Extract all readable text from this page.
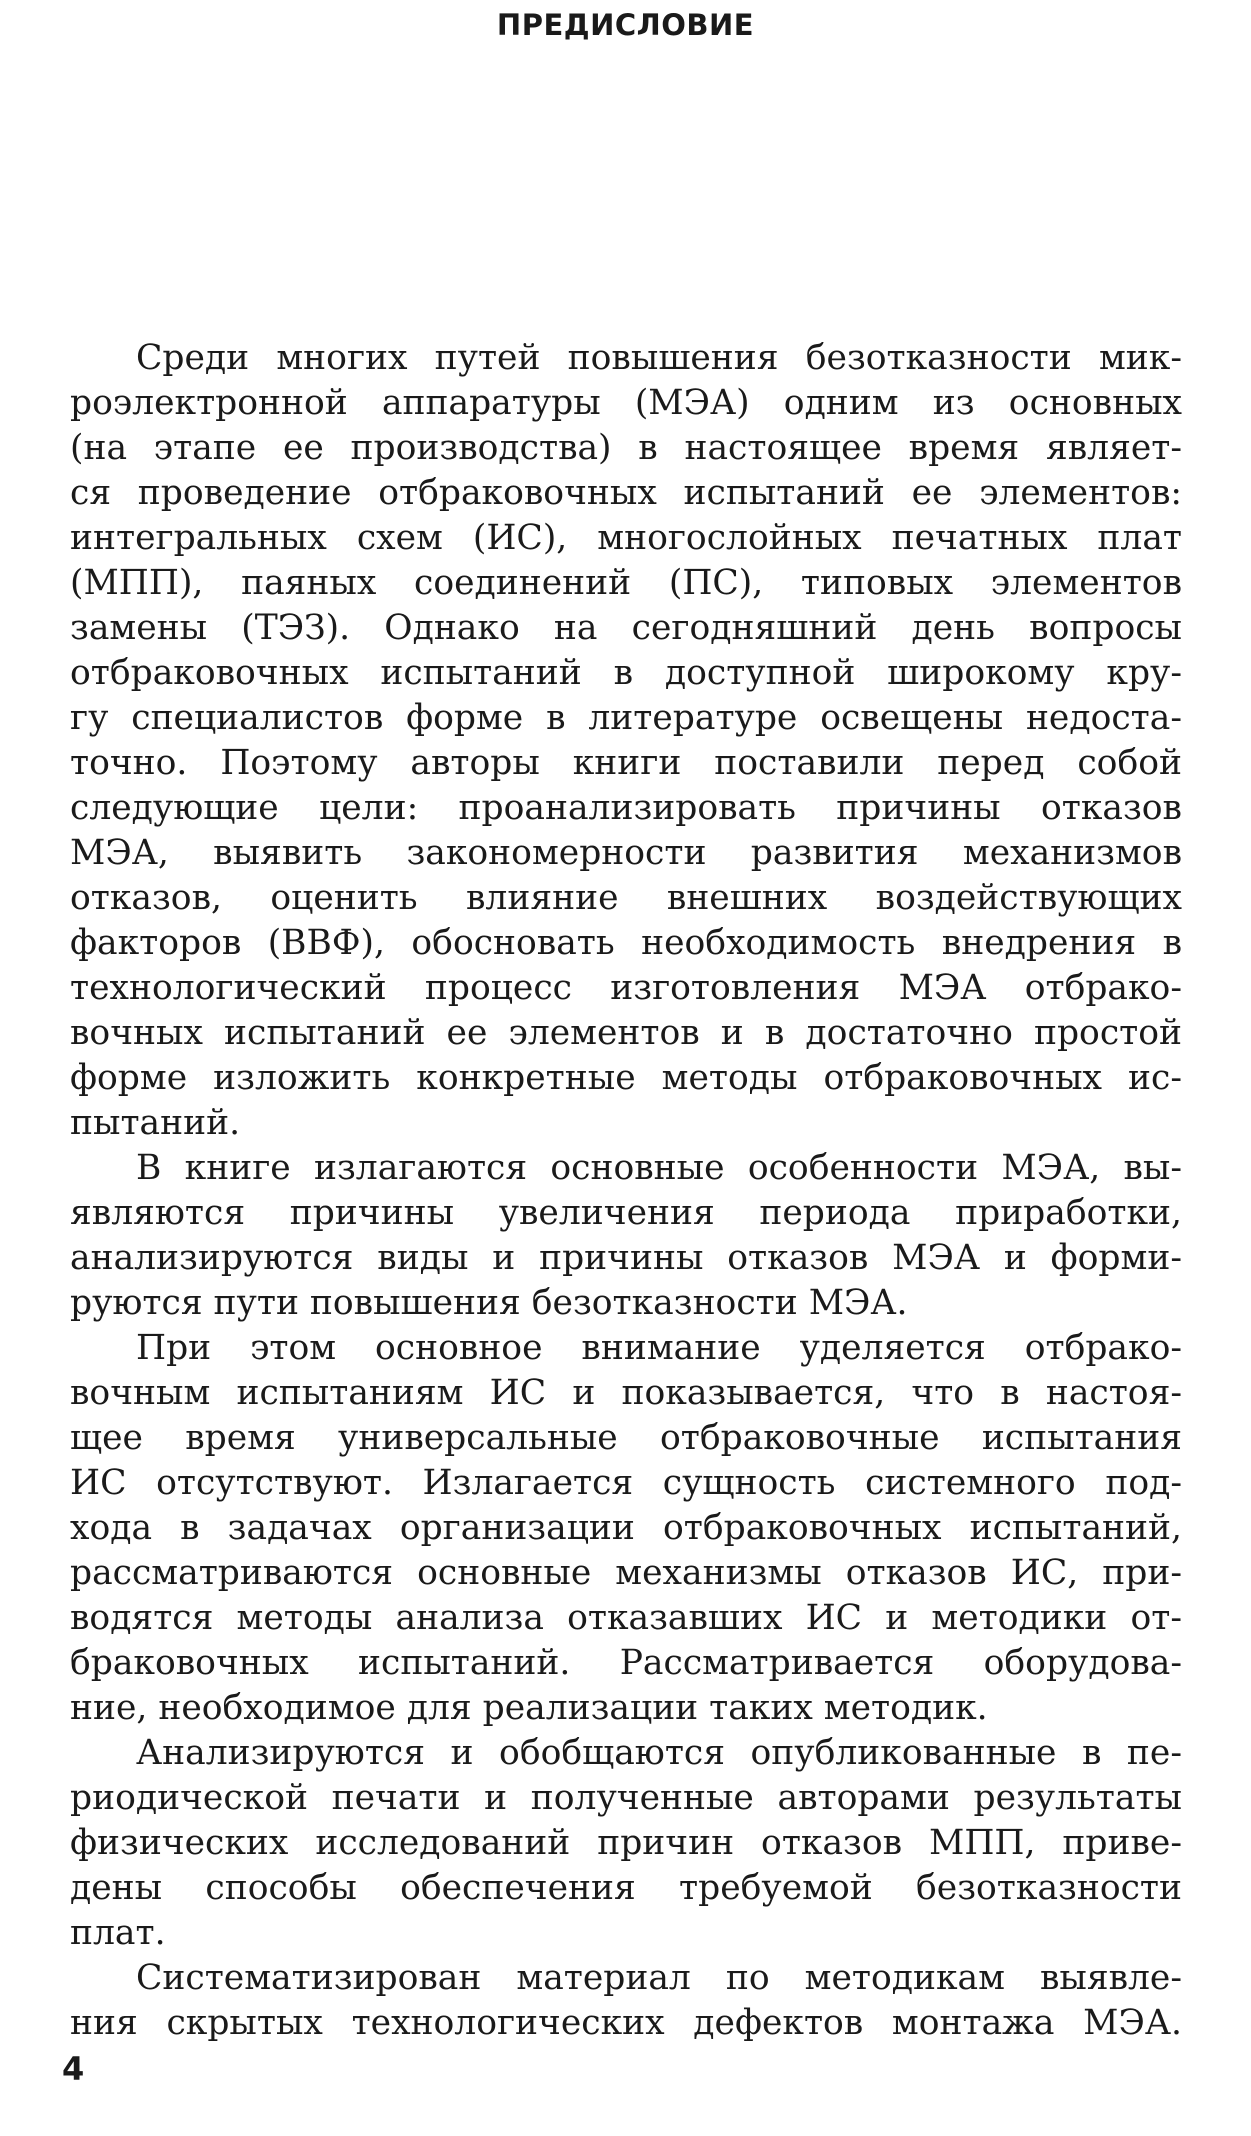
ПРЕДИСЛОВИЕ
Среди многих путей повышения безотказности мик-
роэлектронной аппаратуры (МЭА) одним из основных
(на этапе ее производства) в настоящее время являет-
ся проведение отбраковочных испытаний ее элементов:
интегральных схем (ИС), многослойных печатных плат
(МПП), паяных соединений (ПС), типовых элементов
замены (ТЭЗ). Однако на сегодняшний день вопросы
отбраковочных испытаний в доступной широкому кру-
гу специалистов форме в литературе освещены недоста-
точно. Поэтому авторы книги поставили перед собой
следующие цели: проанализировать причины отказов
МЭА, выявить закономерности развития механизмов
отказов, оценить влияние внешних воздействующих
факторов (ВВФ), обосновать необходимость внедрения в
технологический процесс изготовления МЭА отбрако-
вочных испытаний ее элементов и в достаточно простой
форме изложить конкретные методы отбраковочных ис-
пытаний.
В книге излагаются основные особенности МЭА, вы-
являются причины увеличения периода приработки,
анализируются виды и причины отказов МЭА и форми-
руются пути повышения безотказности МЭА.
При этом основное внимание уделяется отбрако-
вочным испытаниям ИС и показывается, что в настоя-
щее время универсальные отбраковочные испытания
ИС отсутствуют. Излагается сущность системного под-
хода в задачах организации отбраковочных испытаний,
рассматриваются основные механизмы отказов ИС, при-
водятся методы анализа отказавших ИС и методики от-
браковочных испытаний. Рассматривается оборудова-
ние, необходимое для реализации таких методик.
Анализируются и обобщаются опубликованные в пе-
риодической печати и полученные авторами результаты
физических исследований причин отказов МПП, приве-
дены способы обеспечения требуемой безотказности
плат.
Систематизирован материал по методикам выявле-
ния скрытых технологических дефектов монтажа МЭА.

4
